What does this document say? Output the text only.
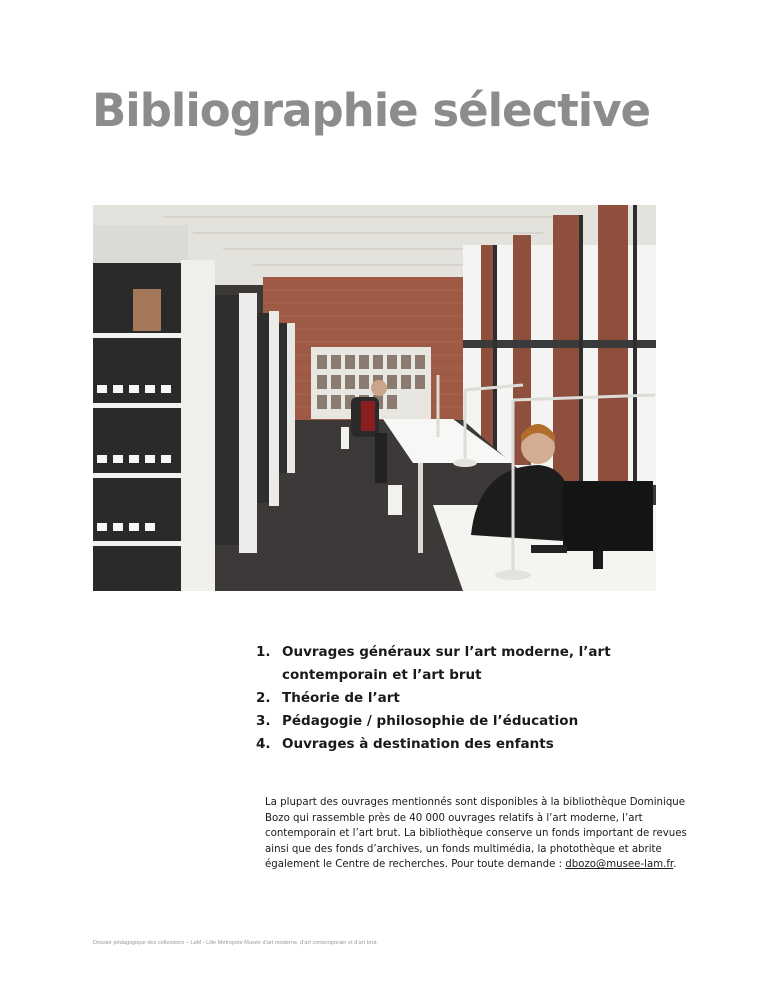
Bibliographie sélective
1. Ouvrages généraux sur l’art moderne, l’art contemporain et l’art brut
2. Théorie de l’art
3. Pédagogie / philosophie de l’éducation
4. Ouvrages à destination des enfants

La plupart des ouvrages mentionnés sont disponibles à la bibliothèque Dominique Bozo qui rassemble près de 40 000 ouvrages relatifs à l’art moderne, l’art contemporain et l’art brut. La bibliothèque conserve un fonds important de revues ainsi que des fonds d’archives, un fonds multimédia, la photothèque et abrite également le Centre de recherches. Pour toute demande : dbozo@musee-lam.fr.

Dossier pédagogique des collections – LaM - Lille Métropole Musée d’art moderne, d’art contemporain et d’art brut.
